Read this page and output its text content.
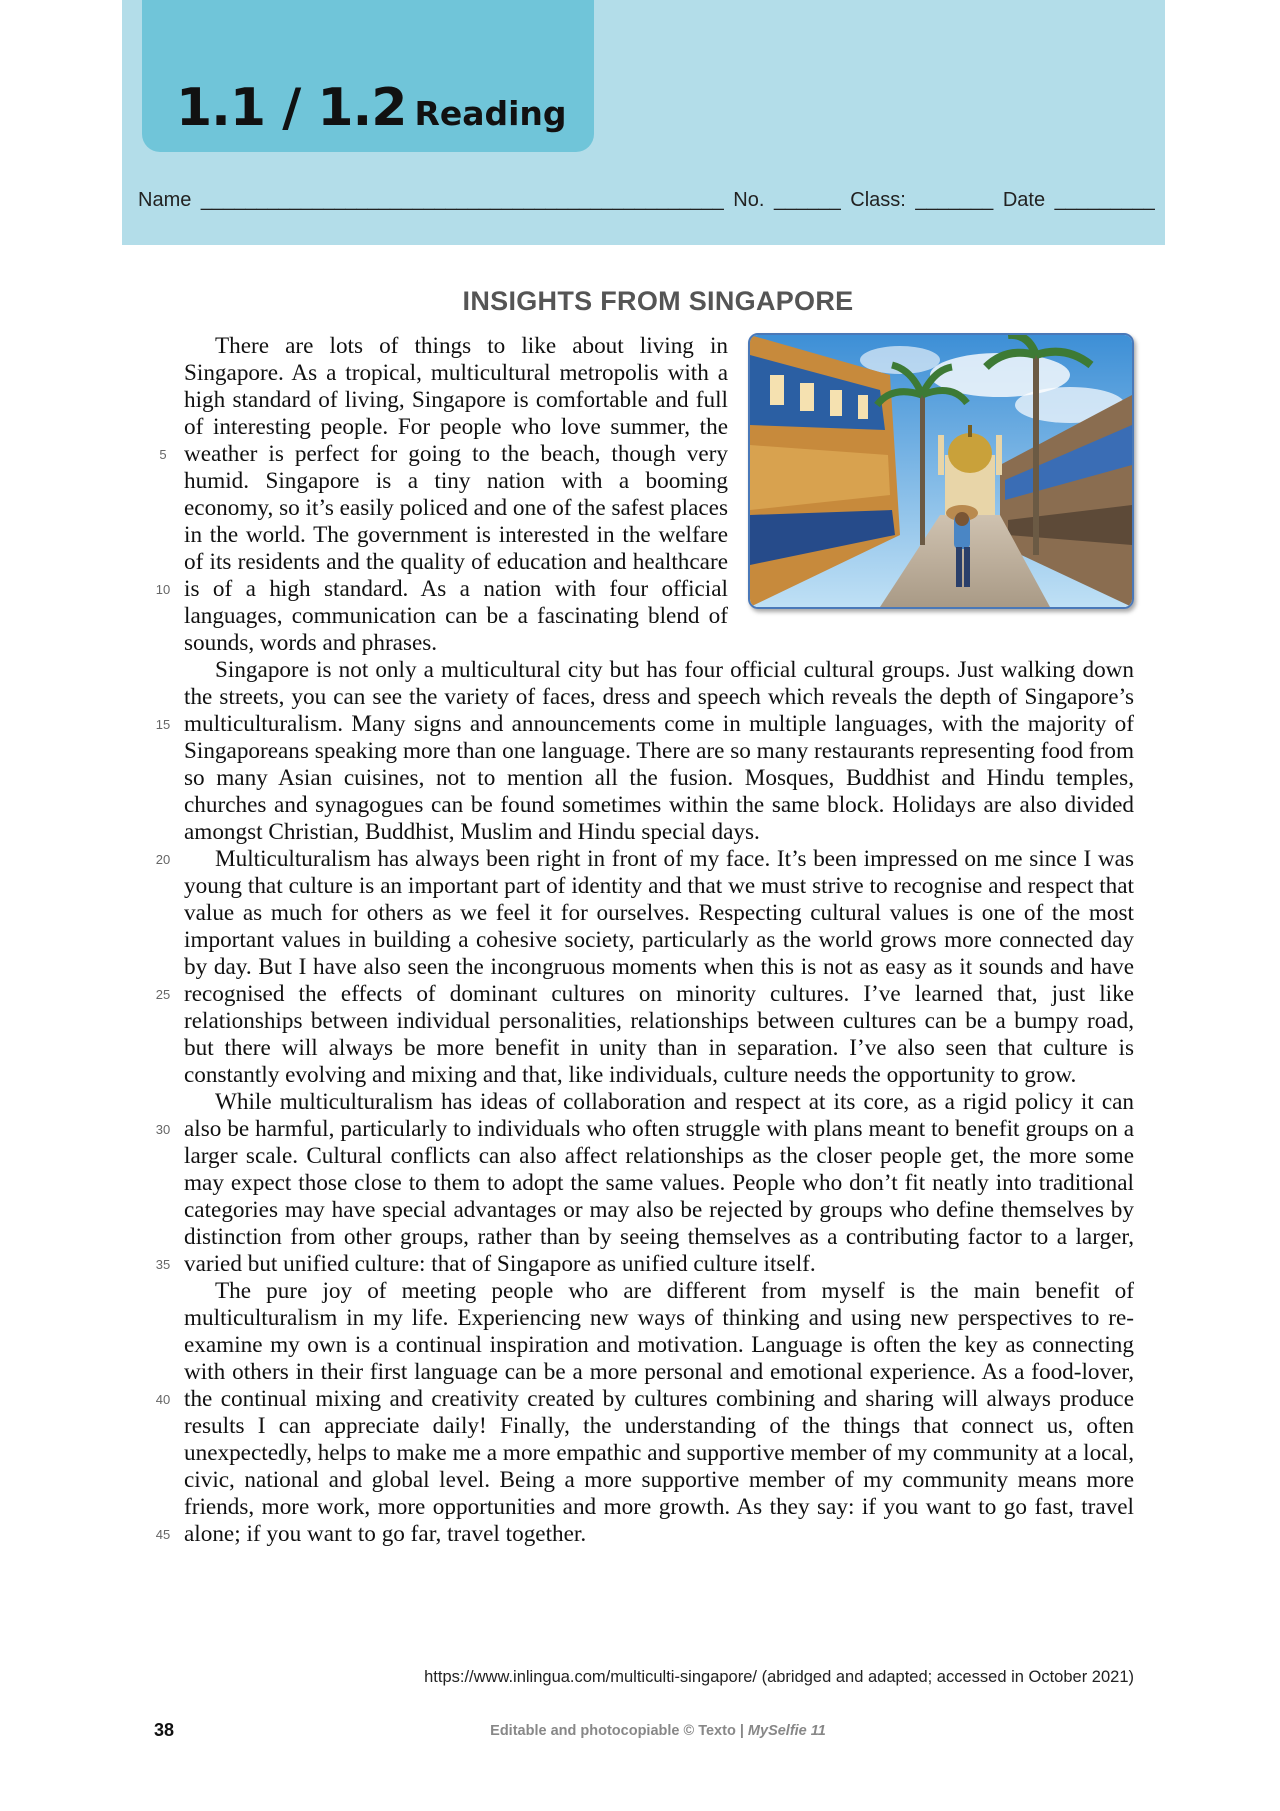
1.1 / 1.2 Reading
Name _______________________________________________ No. ______ Class: _______ Date _________
INSIGHTS FROM SINGAPORE

There are lots of things to like about living in Singapore. As a tropical, multicultural metropolis with a high standard of living, Singapore is comfortable and full of interesting people. For people who love summer, the weather is perfect for going to the beach, though very humid. Singapore is a tiny nation with a booming economy, so it’s easily policed and one of the safest places in the world. The government is interested in the welfare of its residents and the quality of education and healthcare is of a high standard. As a nation with four official languages, communication can be a fascinating blend of sounds, words and phrases.

Singapore is not only a multicultural city but has four official cultural groups. Just walking down the streets, you can see the variety of faces, dress and speech which reveals the depth of Singapore’s multiculturalism. Many signs and announcements come in multiple languages, with the majority of Singaporeans speaking more than one language. There are so many restaurants representing food from so many Asian cuisines, not to mention all the fusion. Mosques, Buddhist and Hindu temples, churches and synagogues can be found sometimes within the same block. Holidays are also divided amongst Christian, Buddhist, Muslim and Hindu special days.

Multiculturalism has always been right in front of my face. It’s been impressed on me since I was young that culture is an important part of identity and that we must strive to recognise and respect that value as much for others as we feel it for ourselves. Respecting cultural values is one of the most important values in building a cohesive society, particularly as the world grows more connected day by day. But I have also seen the incongruous moments when this is not as easy as it sounds and have recognised the effects of dominant cultures on minority cultures. I’ve learned that, just like relationships between individual personalities, relationships between cultures can be a bumpy road, but there will always be more benefit in unity than in separation. I’ve also seen that culture is constantly evolving and mixing and that, like individuals, culture needs the opportunity to grow.

While multiculturalism has ideas of collaboration and respect at its core, as a rigid policy it can also be harmful, particularly to individuals who often struggle with plans meant to benefit groups on a larger scale. Cultural conflicts can also affect relationships as the closer people get, the more some may expect those close to them to adopt the same values. People who don’t fit neatly into traditional categories may have special advantages or may also be rejected by groups who define themselves by distinction from other groups, rather than by seeing themselves as a contributing factor to a larger, varied but unified culture: that of Singapore as unified culture itself.

The pure joy of meeting people who are different from myself is the main benefit of multiculturalism in my life. Experiencing new ways of thinking and using new perspectives to re-examine my own is a continual inspiration and motivation. Language is often the key as connecting with others in their first language can be a more personal and emotional experience. As a food-lover, the continual mixing and creativity created by cultures combining and sharing will always produce results I can appreciate daily! Finally, the understanding of the things that connect us, often unexpectedly, helps to make me a more empathic and supportive member of my community at a local, civic, national and global level. Being a more supportive member of my community means more friends, more work, more opportunities and more growth. As they say: if you want to go fast, travel alone; if you want to go far, travel together.

5
10
15
20
25
30
35
40
45
https://www.inlingua.com/multiculti-singapore/ (abridged and adapted; accessed in October 2021)
38	Editable and photocopiable © Texto | MySelfie 11
